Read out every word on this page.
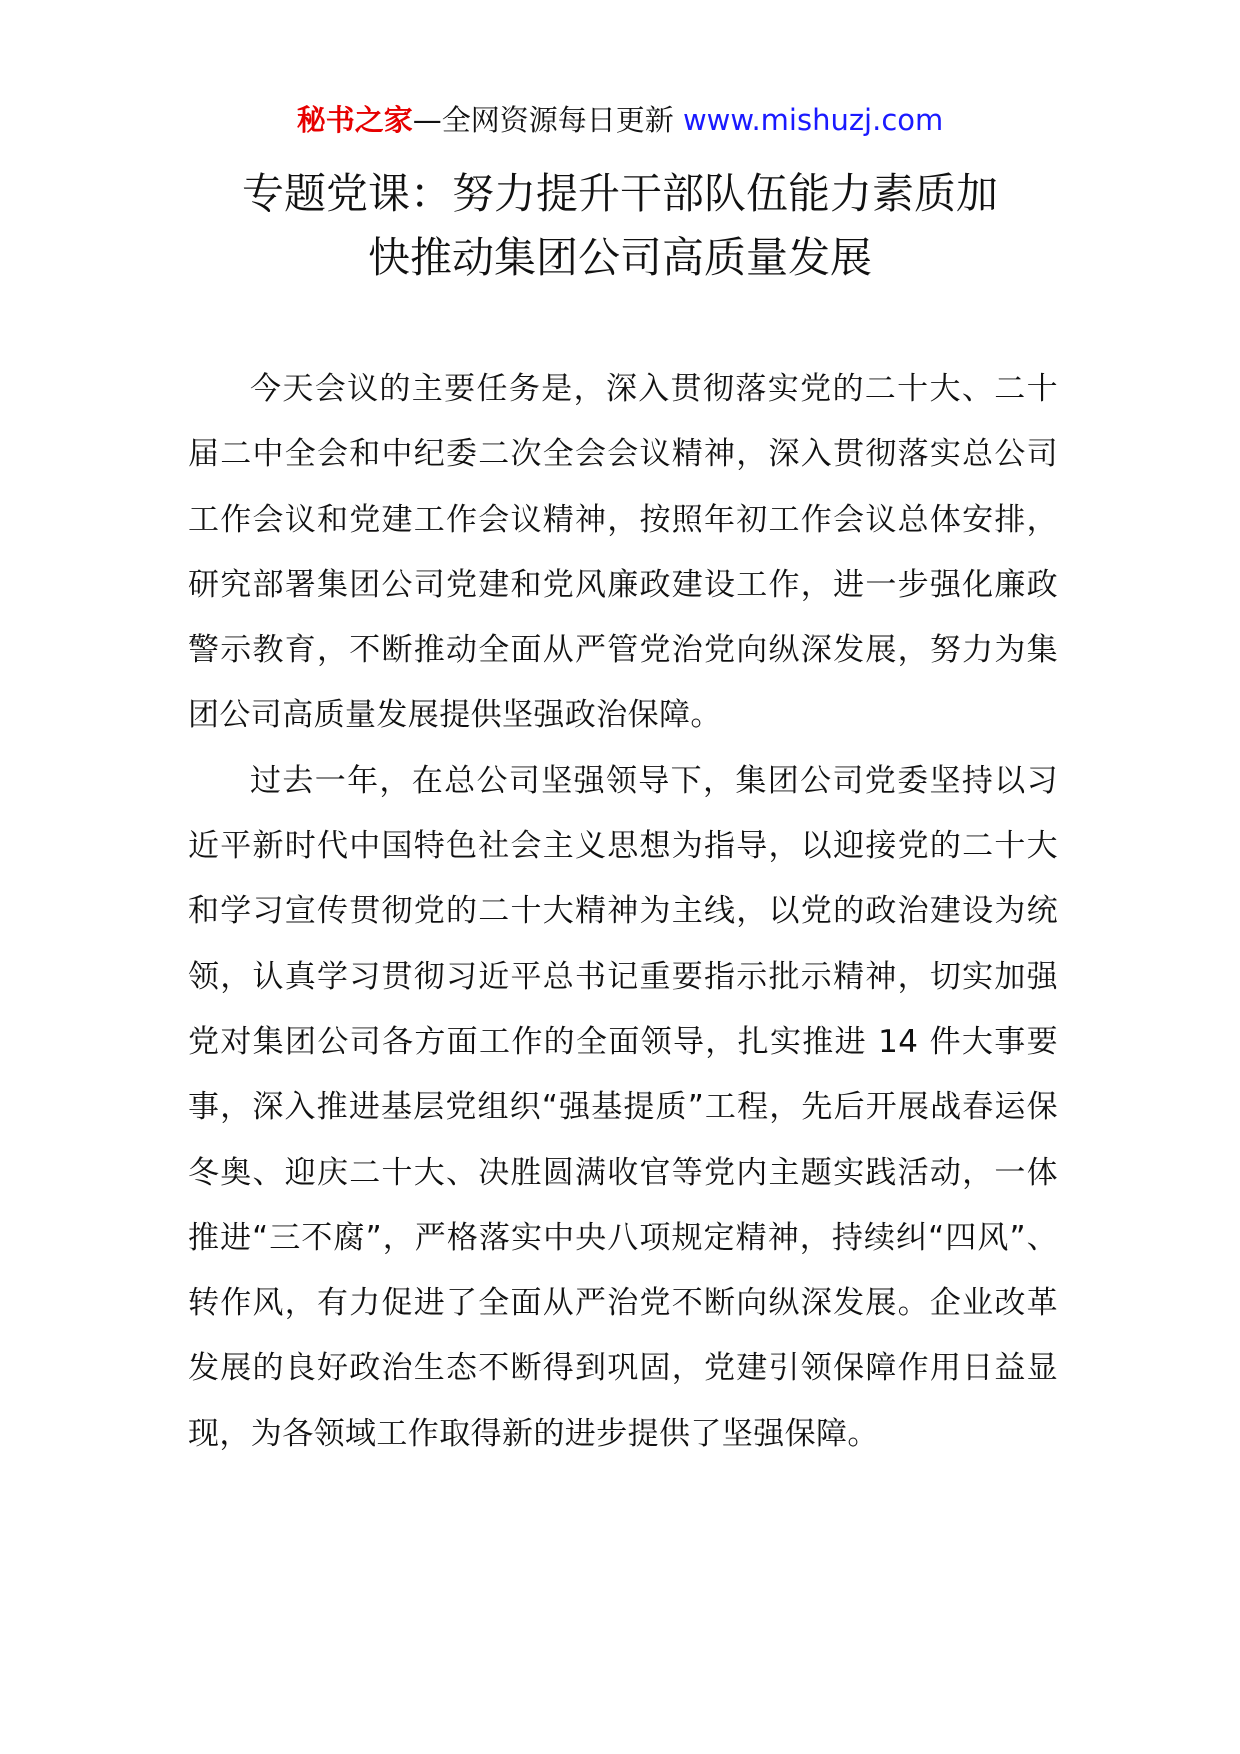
秘书之家—全网资源每日更新 www.mishuzj.com
专题党课：努力提升干部队伍能力素质加
快推动集团公司高质量发展

今天会议的主要任务是，深入贯彻落实党的二十大、二十届二中全会和中纪委二次全会会议精神，深入贯彻落实总公司工作会议和党建工作会议精神，按照年初工作会议总体安排，研究部署集团公司党建和党风廉政建设工作，进一步强化廉政警示教育，不断推动全面从严管党治党向纵深发展，努力为集团公司高质量发展提供坚强政治保障。

过去一年，在总公司坚强领导下，集团公司党委坚持以习近平新时代中国特色社会主义思想为指导，以迎接党的二十大和学习宣传贯彻党的二十大精神为主线，以党的政治建设为统领，认真学习贯彻习近平总书记重要指示批示精神，切实加强党对集团公司各方面工作的全面领导，扎实推进 14 件大事要事，深入推进基层党组织“强基提质”工程，先后开展战春运保冬奥、迎庆二十大、决胜圆满收官等党内主题实践活动，一体推进“三不腐”，严格落实中央八项规定精神，持续纠“四风”、转作风，有力促进了全面从严治党不断向纵深发展。企业改革发展的良好政治生态不断得到巩固，党建引领保障作用日益显现，为各领域工作取得新的进步提供了坚强保障。
